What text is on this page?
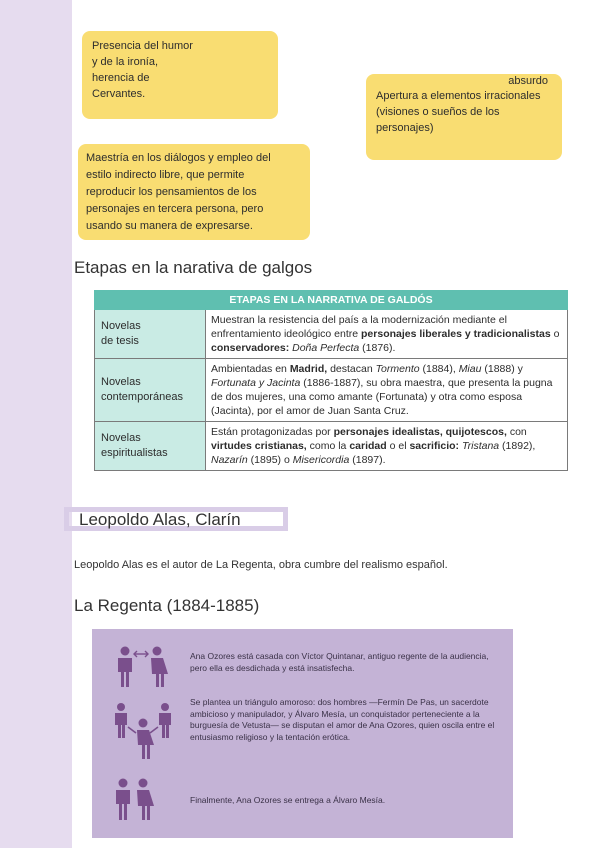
Presencia del humor
y de la ironía,
herencia de
Cervantes.
absurdo
Apertura a elementos irracionales
(visiones o sueños de los
personajes)
Maestría en los diálogos y empleo del
estilo indirecto libre, que permite
reproducir los pensamientos de los
personajes en tercera persona, pero
usando su manera de expresarse.
Etapas en la narativa de galgos
ETAPAS EN LA NARRATIVA DE GALDÓS	

Novelas
de tesis	Muestran la resistencia del país a la modernización mediante el enfrentamiento ideológico entre personajes liberales y tradicionalistas o conservadores: Doña Perfecta (1876).

Novelas
contemporáneas	Ambientadas en Madrid, destacan Tormento (1884), Miau (1888) y Fortunata y Jacinta (1886-1887), su obra maestra, que presenta la pugna de dos mujeres, una como amante (Fortunata) y otra como esposa (Jacinta), por el amor de Juan Santa Cruz.

Novelas
espiritualistas	Están protagonizadas por personajes idealistas, quijotescos, con virtudes cristianas, como la caridad o el sacrificio: Tristana (1892), Nazarín (1895) o Misericordia (1897).
Leopoldo Alas, Clarín
Leopoldo Alas es el autor de La Regenta, obra cumbre del realismo español.
La Regenta (1884-1885)
Ana Ozores está casada con Víctor Quintanar, antiguo regente de la audiencia, pero ella es desdichada y está insatisfecha.
Se plantea un triángulo amoroso: dos hombres —Fermín De Pas, un sacerdote ambicioso y manipulador, y Álvaro Mesía, un conquistador perteneciente a la burguesía de Vetusta— se disputan el amor de Ana Ozores, quien oscila entre el entusiasmo religioso y la tentación erótica.
Finalmente, Ana Ozores se entrega a Álvaro Mesía.
